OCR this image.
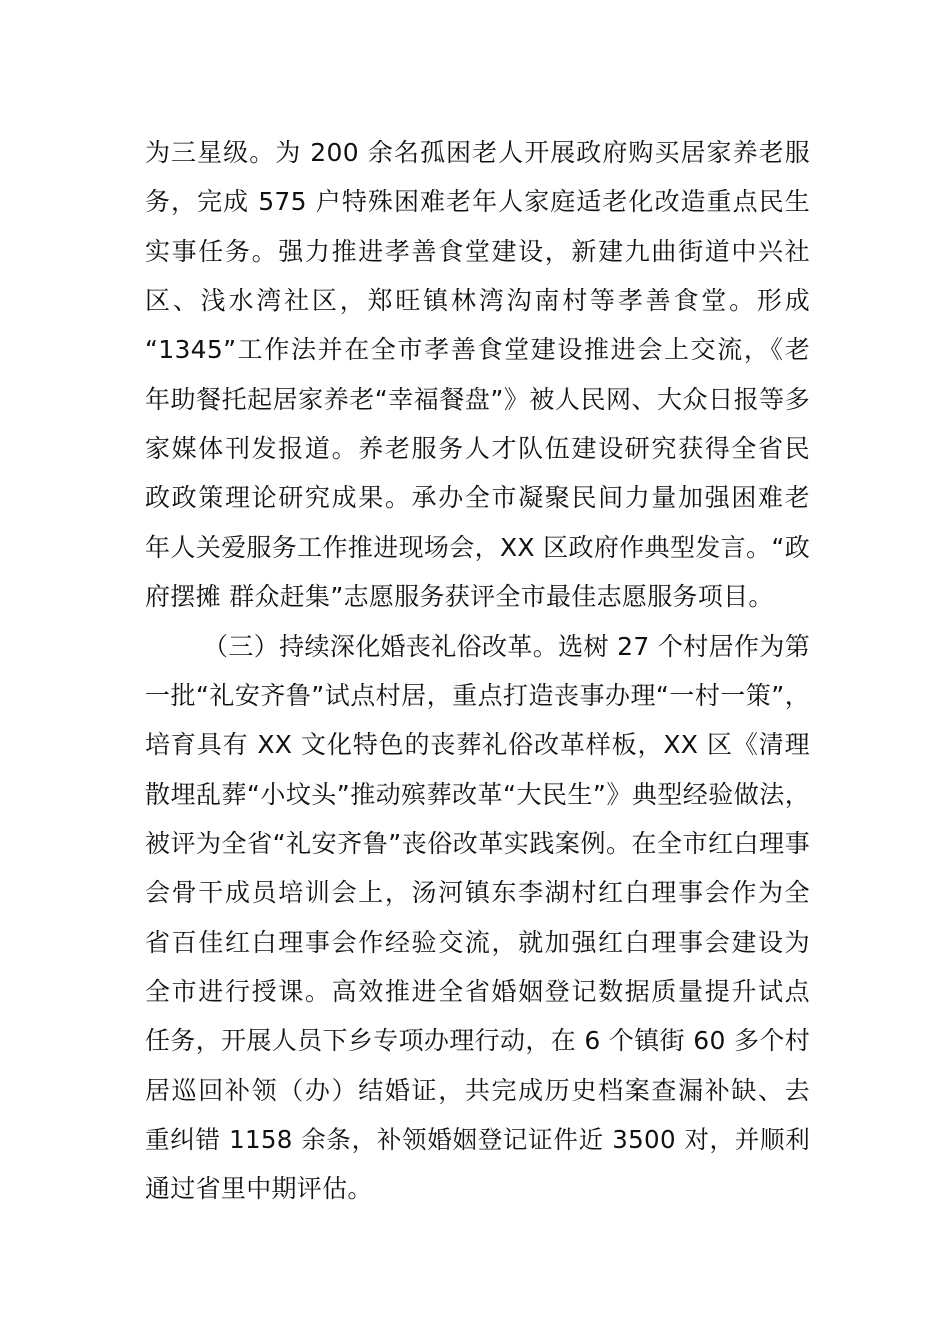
为三星级。为 200 余名孤困老人开展政府购买居家养老服
务，完成 575 户特殊困难老年人家庭适老化改造重点民生
实事任务。强力推进孝善食堂建设，新建九曲街道中兴社
区、浅水湾社区，郑旺镇林湾沟南村等孝善食堂。形成
“1345”工作法并在全市孝善食堂建设推进会上交流，《老
年助餐托起居家养老“幸福餐盘”》被人民网、大众日报等多
家媒体刊发报道。养老服务人才队伍建设研究获得全省民
政政策理论研究成果。承办全市凝聚民间力量加强困难老
年人关爱服务工作推进现场会，XX 区政府作典型发言。“政
府摆摊 群众赶集”志愿服务获评全市最佳志愿服务项目。
（三）持续深化婚丧礼俗改革。选树 27 个村居作为第
一批“礼安齐鲁”试点村居，重点打造丧事办理“一村一策”，
培育具有 XX 文化特色的丧葬礼俗改革样板，XX 区《清理
散埋乱葬“小坟头”推动殡葬改革“大民生”》典型经验做法，
被评为全省“礼安齐鲁”丧俗改革实践案例。在全市红白理事
会骨干成员培训会上，汤河镇东李湖村红白理事会作为全
省百佳红白理事会作经验交流，就加强红白理事会建设为
全市进行授课。高效推进全省婚姻登记数据质量提升试点
任务，开展人员下乡专项办理行动，在 6 个镇街 60 多个村
居巡回补领（办）结婚证，共完成历史档案查漏补缺、去
重纠错 1158 余条，补领婚姻登记证件近 3500 对，并顺利
通过省里中期评估。
